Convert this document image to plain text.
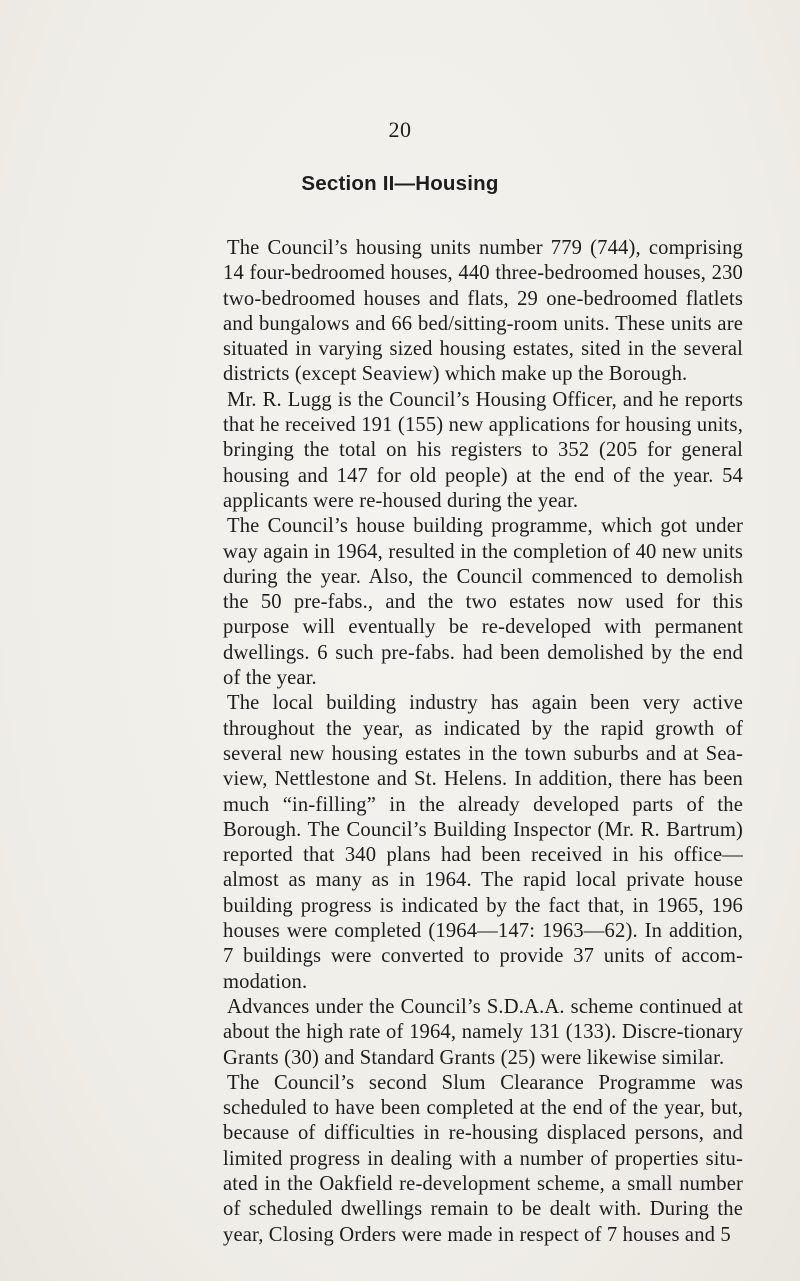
20
Section II—Housing

The Council’s housing units number 779 (744), comprising 14 four-bedroomed houses, 440 three-bedroomed houses, 230 two-bedroomed houses and flats, 29 one-bedroomed flatlets and bungalows and 66 bed/sitting-room units. These units are situated in varying sized housing estates, sited in the several districts (except Seaview) which make up the Borough.

Mr. R. Lugg is the Council’s Housing Officer, and he reports that he received 191 (155) new applications for housing units, bringing the total on his registers to 352 (205 for general housing and 147 for old people) at the end of the year. 54 applicants were re-housed during the year.

The Council’s house building programme, which got under way again in 1964, resulted in the completion of 40 new units during the year. Also, the Council commenced to demolish the 50 pre-fabs., and the two estates now used for this purpose will eventually be re-developed with permanent dwellings. 6 such pre-fabs. had been demolished by the end of the year.

The local building industry has again been very active throughout the year, as indicated by the rapid growth of several new housing estates in the town suburbs and at Sea-view, Nettlestone and St. Helens. In addition, there has been much “in-filling” in the already developed parts of the Borough. The Council’s Building Inspector (Mr. R. Bartrum) reported that 340 plans had been received in his office—almost as many as in 1964. The rapid local private house building progress is indicated by the fact that, in 1965, 196 houses were completed (1964—147: 1963—62). In addition, 7 buildings were converted to provide 37 units of accom-modation.

Advances under the Council’s S.D.A.A. scheme continued at about the high rate of 1964, namely 131 (133). Discre-tionary Grants (30) and Standard Grants (25) were likewise similar.

The Council’s second Slum Clearance Programme was scheduled to have been completed at the end of the year, but, because of difficulties in re-housing displaced persons, and limited progress in dealing with a number of properties situ-ated in the Oakfield re-development scheme, a small number of scheduled dwellings remain to be dealt with. During the year, Closing Orders were made in respect of 7 houses and 5
